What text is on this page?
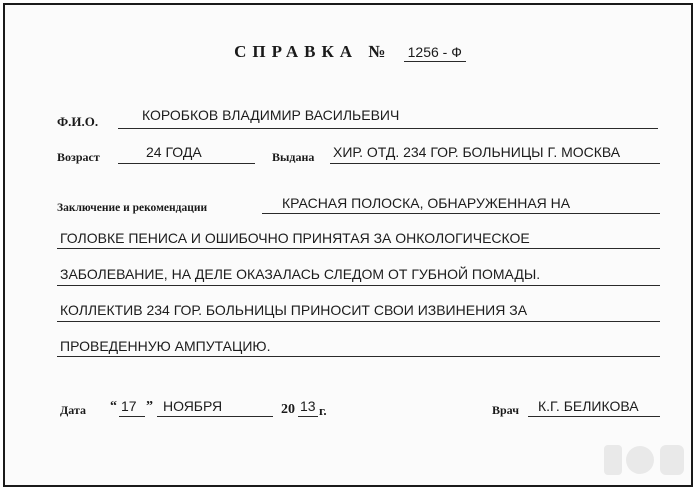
СПРАВКА № 1256 - Ф
Ф.И.О.	КОРОБКОВ ВЛАДИМИР ВАСИЛЬЕВИЧ
Возраст	24 ГОДА	Выдана ХИР. ОТД. 234 ГОР. БОЛЬНИЦЫ Г. МОСКВА
Заключение и рекомендации	КРАСНАЯ ПОЛОСКА, ОБНАРУЖЕННАЯ НА
ГОЛОВКЕ ПЕНИСА И ОШИБОЧНО ПРИНЯТАЯ ЗА ОНКОЛОГИЧЕСКОЕ
ЗАБОЛЕВАНИЕ, НА ДЕЛЕ ОКАЗАЛАСЬ СЛЕДОМ ОТ ГУБНОЙ ПОМАДЫ.
КОЛЛЕКТИВ 234 ГОР. БОЛЬНИЦЫ ПРИНОСИТ СВОИ ИЗВИНЕНИЯ ЗА
ПРОВЕДЕННУЮ АМПУТАЦИЮ.
Дата “ 17 ” НОЯБРЯ	20 13 г.	Врач К.Г. БЕЛИКОВА
